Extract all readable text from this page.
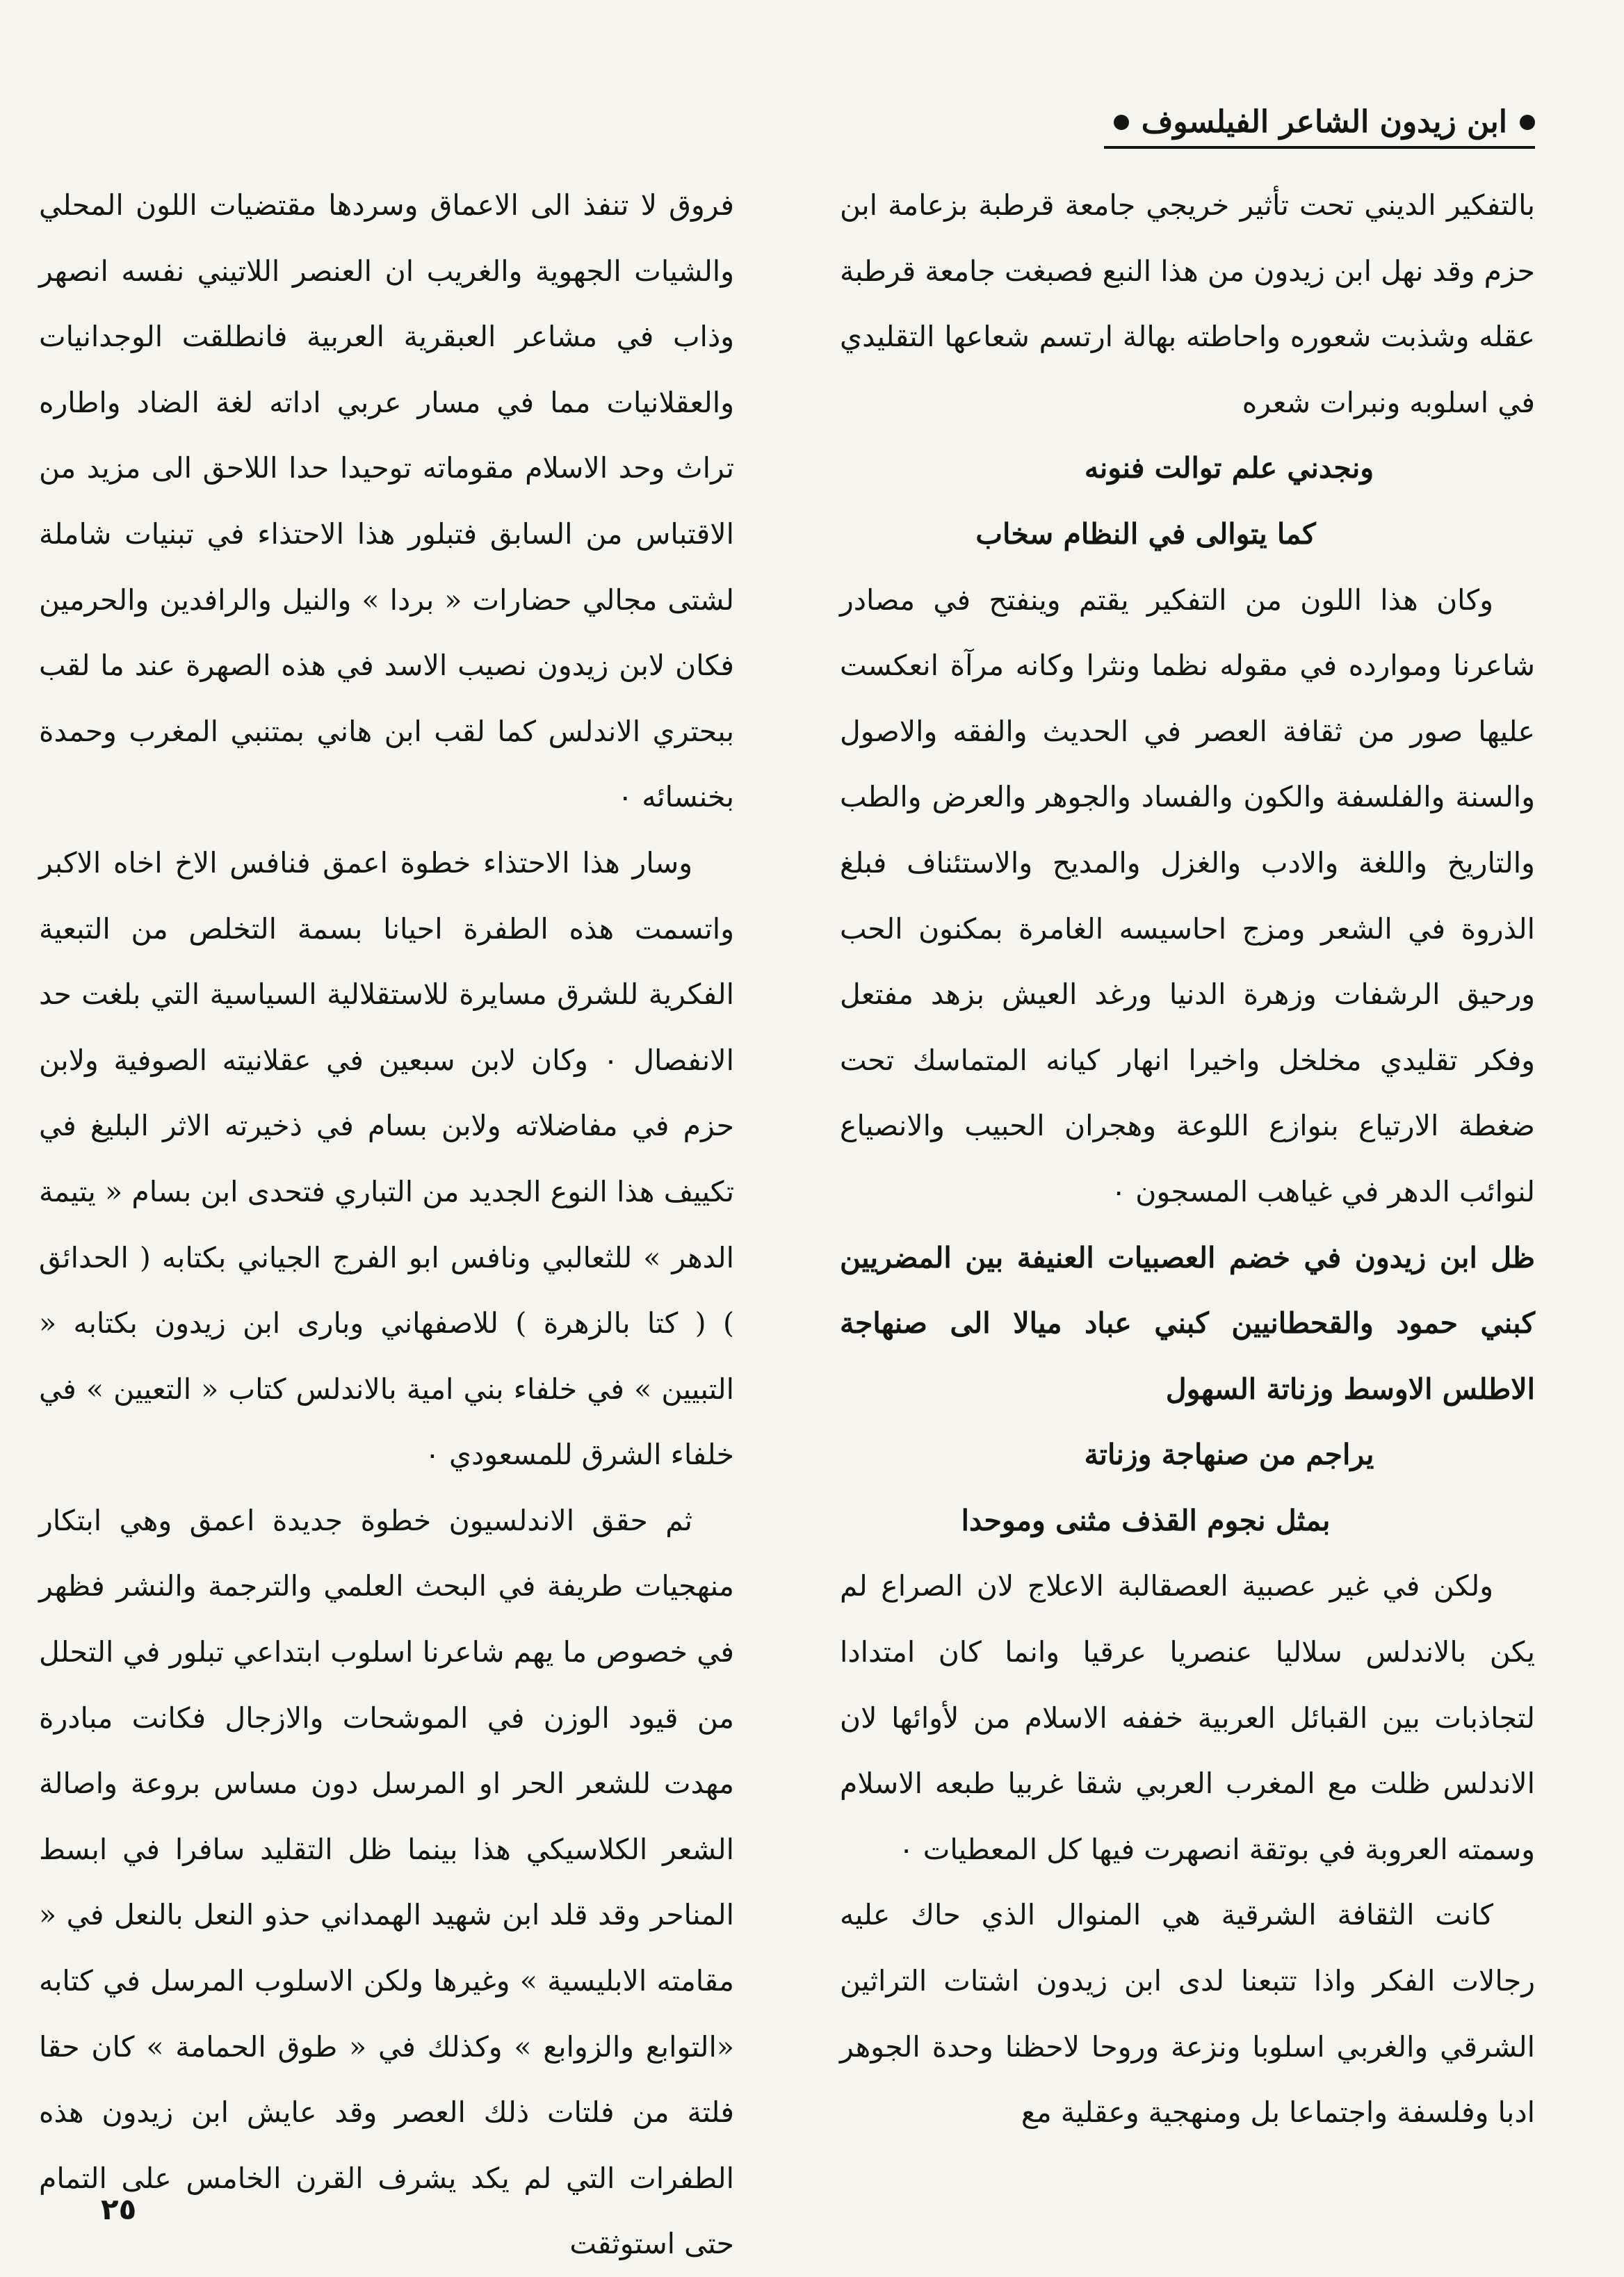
ابن زيدون الشاعر الفيلسوف

بالتفكير الديني تحت تأثير خريجي جامعة قرطبة بزعامة ابن حزم وقد نهل ابن زيدون من هذا النبع فصبغت جامعة قرطبة عقله وشذبت شعوره واحاطته بهالة ارتسم شعاعها التقليدي في اسلوبه ونبرات شعره

ونجدني علم توالت فنونه

كما يتوالى في النظام سخاب

وكان هذا اللون من التفكير يقتم وينفتح في مصادر شاعرنا وموارده في مقوله نظما ونثرا وكانه مرآة انعكست عليها صور من ثقافة العصر في الحديث والفقه والاصول والسنة والفلسفة والكون والفساد والجوهر والعرض والطب والتاريخ واللغة والادب والغزل والمديح والاستئناف فبلغ الذروة في الشعر ومزج احاسيسه الغامرة بمكنون الحب ورحيق الرشفات وزهرة الدنيا ورغد العيش بزهد مفتعل وفكر تقليدي مخلخل واخيرا انهار كيانه المتماسك تحت ضغطة الارتياع بنوازع اللوعة وهجران الحبيب والانصياع لنوائب الدهر في غياهب المسجون ٠

ظل ابن زيدون في خضم العصبيات العنيفة بين المضريين كبني حمود والقحطانيين كبني عباد ميالا الى صنهاجة الاطلس الاوسط وزناتة السهول

يراجم من صنهاجة وزناتة

بمثل نجوم القذف مثنى وموحدا

ولكن في غير عصبية العصقالبة الاعلاج لان الصراع لم يكن بالاندلس سلاليا عنصريا عرقيا وانما كان امتدادا لتجاذبات بين القبائل العربية خففه الاسلام من لأوائها لان الاندلس ظلت مع المغرب العربي شقا غربيا طبعه الاسلام وسمته العروبة في بوتقة انصهرت فيها كل المعطيات ٠

كانت الثقافة الشرقية هي المنوال الذي حاك عليه رجالات الفكر واذا تتبعنا لدى ابن زيدون اشتات التراثين الشرقي والغربي اسلوبا ونزعة وروحا لاحظنا وحدة الجوهر ادبا وفلسفة واجتماعا بل ومنهجية وعقلية مع

فروق لا تنفذ الى الاعماق وسردها مقتضيات اللون المحلي والشيات الجهوية والغريب ان العنصر اللاتيني نفسه انصهر وذاب في مشاعر العبقرية العربية فانطلقت الوجدانيات والعقلانيات مما في مسار عربي اداته لغة الضاد واطاره تراث وحد الاسلام مقوماته توحيدا حدا اللاحق الى مزيد من الاقتباس من السابق فتبلور هذا الاحتذاء في تبنيات شاملة لشتى مجالي حضارات « بردا » والنيل والرافدين والحرمين فكان لابن زيدون نصيب الاسد في هذه الصهرة عند ما لقب ببحتري الاندلس كما لقب ابن هاني بمتنبي المغرب وحمدة بخنسائه ٠

وسار هذا الاحتذاء خطوة اعمق فنافس الاخ اخاه الاكبر واتسمت هذه الطفرة احيانا بسمة التخلص من التبعية الفكرية للشرق مسايرة للاستقلالية السياسية التي بلغت حد الانفصال ٠ وكان لابن سبعين في عقلانيته الصوفية ولابن حزم في مفاضلاته ولابن بسام في ذخيرته الاثر البليغ في تكييف هذا النوع الجديد من التباري فتحدى ابن بسام « يتيمة الدهر » للثعالبي ونافس ابو الفرج الجياني بكتابه ( الحدائق ) ( كتا بالزهرة ) للاصفهاني وبارى ابن زيدون بكتابه « التبيين » في خلفاء بني امية بالاندلس كتاب « التعيين » في خلفاء الشرق للمسعودي ٠

ثم حقق الاندلسيون خطوة جديدة اعمق وهي ابتكار منهجيات طريفة في البحث العلمي والترجمة والنشر فظهر في خصوص ما يهم شاعرنا اسلوب ابتداعي تبلور في التحلل من قيود الوزن في الموشحات والازجال فكانت مبادرة مهدت للشعر الحر او المرسل دون مساس بروعة واصالة الشعر الكلاسيكي هذا بينما ظل التقليد سافرا في ابسط المناحر وقد قلد ابن شهيد الهمداني حذو النعل بالنعل في « مقامته الابليسية » وغيرها ولكن الاسلوب المرسل في كتابه «التوابع والزوابع » وكذلك في « طوق الحمامة » كان حقا فلتة من فلتات ذلك العصر وقد عايش ابن زيدون هذه الطفرات التي لم يكد يشرف القرن الخامس على التمام حتى استوثقت

٢٥
